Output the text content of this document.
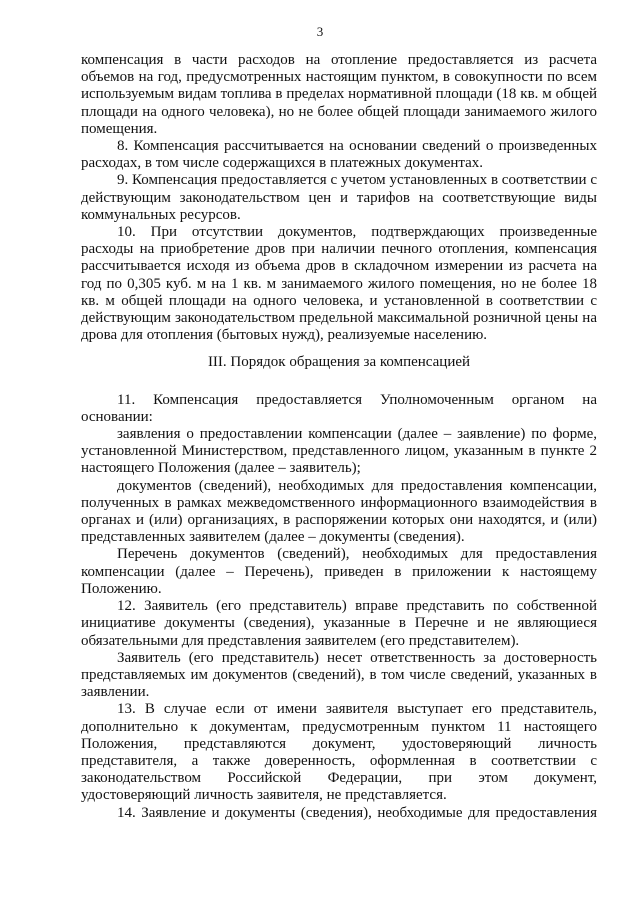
3

компенсация в части расходов на отопление предоставляется из расчета объемов на год, предусмотренных настоящим пунктом, в совокупности по всем используемым видам топлива в пределах нормативной площади (18 кв. м общей площади на одного человека), но не более общей площади занимаемого жилого помещения.

8. Компенсация рассчитывается на основании сведений о произведенных расходах, в том числе содержащихся в платежных документах.

9. Компенсация предоставляется с учетом установленных в соответствии с действующим законодательством цен и тарифов на соответствующие виды коммунальных ресурсов.

10. При отсутствии документов, подтверждающих произведенные расходы на приобретение дров при наличии печного отопления, компенсация рассчитывается исходя из объема дров в складочном измерении из расчета на год по 0,305 куб. м на 1 кв. м занимаемого жилого помещения, но не более 18 кв. м общей площади на одного человека, и установленной в соответствии с действующим законодательством предельной максимальной розничной цены на дрова для отопления (бытовых нужд), реализуемые населению.

III. Порядок обращения за компенсацией

11. Компенсация предоставляется Уполномоченным органом на основании:

заявления о предоставлении компенсации (далее – заявление) по форме, установленной Министерством, представленного лицом, указанным в пункте 2 настоящего Положения (далее – заявитель);

документов (сведений), необходимых для предоставления компенсации, полученных в рамках межведомственного информационного взаимодействия в органах и (или) организациях, в распоряжении которых они находятся, и (или) представленных заявителем (далее – документы (сведения).

Перечень документов (сведений), необходимых для предоставления компенсации (далее – Перечень), приведен в приложении к настоящему Положению.

12. Заявитель (его представитель) вправе представить по собственной инициативе документы (сведения), указанные в Перечне и не являющиеся обязательными для представления заявителем (его представителем).

Заявитель (его представитель) несет ответственность за достоверность представляемых им документов (сведений), в том числе сведений, указанных в заявлении.

13. В случае если от имени заявителя выступает его представитель, дополнительно к документам, предусмотренным пунктом 11 настоящего Положения, представляются документ, удостоверяющий личность представителя, а также доверенность, оформленная в соответствии с законодательством Российской Федерации, при этом документ, удостоверяющий личность заявителя, не представляется.

14. Заявление и документы (сведения), необходимые для предоставления
